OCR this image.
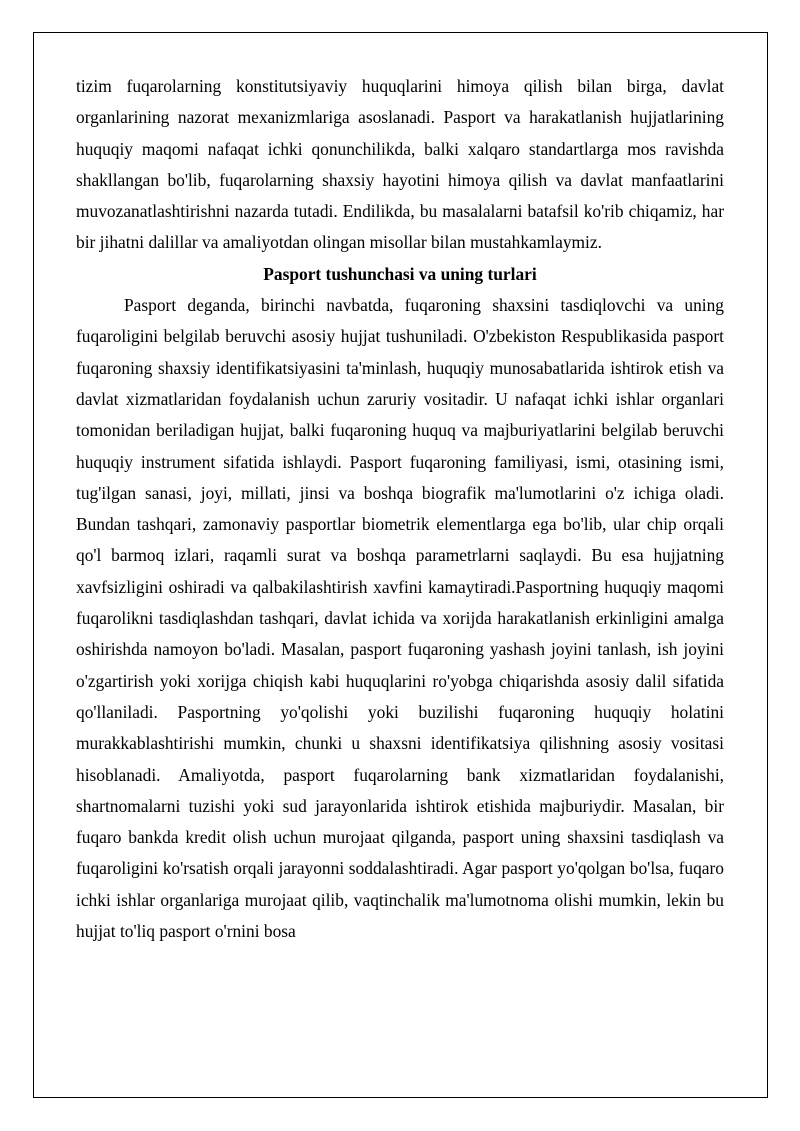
tizim fuqarolarning konstitutsiyaviy huquqlarini himoya qilish bilan birga, davlat organlarining nazorat mexanizmlariga asoslanadi. Pasport va harakatlanish hujjatlarining huquqiy maqomi nafaqat ichki qonunchilikda, balki xalqaro standartlarga mos ravishda shakllangan bo'lib, fuqarolarning shaxsiy hayotini himoya qilish va davlat manfaatlarini muvozanatlashtirishni nazarda tutadi. Endilikda, bu masalalarni batafsil ko'rib chiqamiz, har bir jihatni dalillar va amaliyotdan olingan misollar bilan mustahkamlaymiz.

Pasport tushunchasi va uning turlari

Pasport deganda, birinchi navbatda, fuqaroning shaxsini tasdiqlovchi va uning fuqaroligini belgilab beruvchi asosiy hujjat tushuniladi. O'zbekiston Respublikasida pasport fuqaroning shaxsiy identifikatsiyasini ta'minlash, huquqiy munosabatlarida ishtirok etish va davlat xizmatlaridan foydalanish uchun zaruriy vositadir. U nafaqat ichki ishlar organlari tomonidan beriladigan hujjat, balki fuqaroning huquq va majburiyatlarini belgilab beruvchi huquqiy instrument sifatida ishlaydi. Pasport fuqaroning familiyasi, ismi, otasining ismi, tug'ilgan sanasi, joyi, millati, jinsi va boshqa biografik ma'lumotlarini o'z ichiga oladi. Bundan tashqari, zamonaviy pasportlar biometrik elementlarga ega bo'lib, ular chip orqali qo'l barmoq izlari, raqamli surat va boshqa parametrlarni saqlaydi. Bu esa hujjatning xavfsizligini oshiradi va qalbakilashtirish xavfini kamaytiradi.Pasportning huquqiy maqomi fuqarolikni tasdiqlashdan tashqari, davlat ichida va xorijda harakatlanish erkinligini amalga oshirishda namoyon bo'ladi. Masalan, pasport fuqaroning yashash joyini tanlash, ish joyini o'zgartirish yoki xorijga chiqish kabi huquqlarini ro'yobga chiqarishda asosiy dalil sifatida qo'llaniladi. Pasportning yo'qolishi yoki buzilishi fuqaroning huquqiy holatini murakkablashtirishi mumkin, chunki u shaxsni identifikatsiya qilishning asosiy vositasi hisoblanadi. Amaliyotda, pasport fuqarolarning bank xizmatlaridan foydalanishi, shartnomalarni tuzishi yoki sud jarayonlarida ishtirok etishida majburiydir. Masalan, bir fuqaro bankda kredit olish uchun murojaat qilganda, pasport uning shaxsini tasdiqlash va fuqaroligini ko'rsatish orqali jarayonni soddalashtiradi. Agar pasport yo'qolgan bo'lsa, fuqaro ichki ishlar organlariga murojaat qilib, vaqtinchalik ma'lumotnoma olishi mumkin, lekin bu hujjat to'liq pasport o'rnini bosa
